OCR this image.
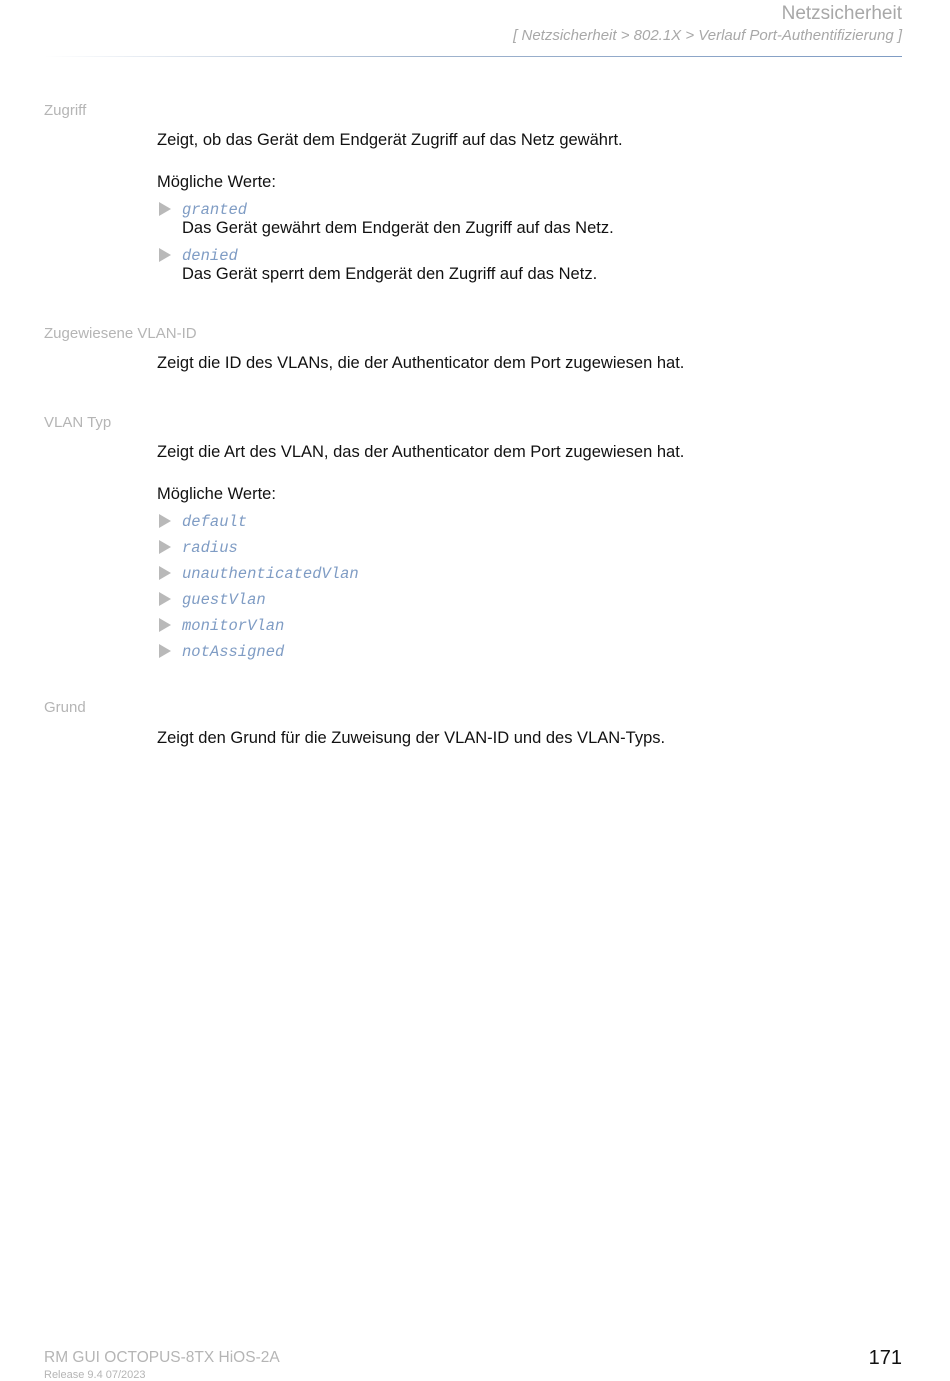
Netzsicherheit
[ Netzsicherheit > 802.1X > Verlauf Port-Authentifizierung ]
Zugriff
Zeigt, ob das Gerät dem Endgerät Zugriff auf das Netz gewährt.
Mögliche Werte:
granted
Das Gerät gewährt dem Endgerät den Zugriff auf das Netz.
denied
Das Gerät sperrt dem Endgerät den Zugriff auf das Netz.
Zugewiesene VLAN-ID
Zeigt die ID des VLANs, die der Authenticator dem Port zugewiesen hat.
VLAN Typ
Zeigt die Art des VLAN, das der Authenticator dem Port zugewiesen hat.
Mögliche Werte:
default
radius
unauthenticatedVlan
guestVlan
monitorVlan
notAssigned
Grund
Zeigt den Grund für die Zuweisung der VLAN-ID und des VLAN-Typs.
RM GUI OCTOPUS-8TX HiOS-2A
Release 9.4 07/2023
171
